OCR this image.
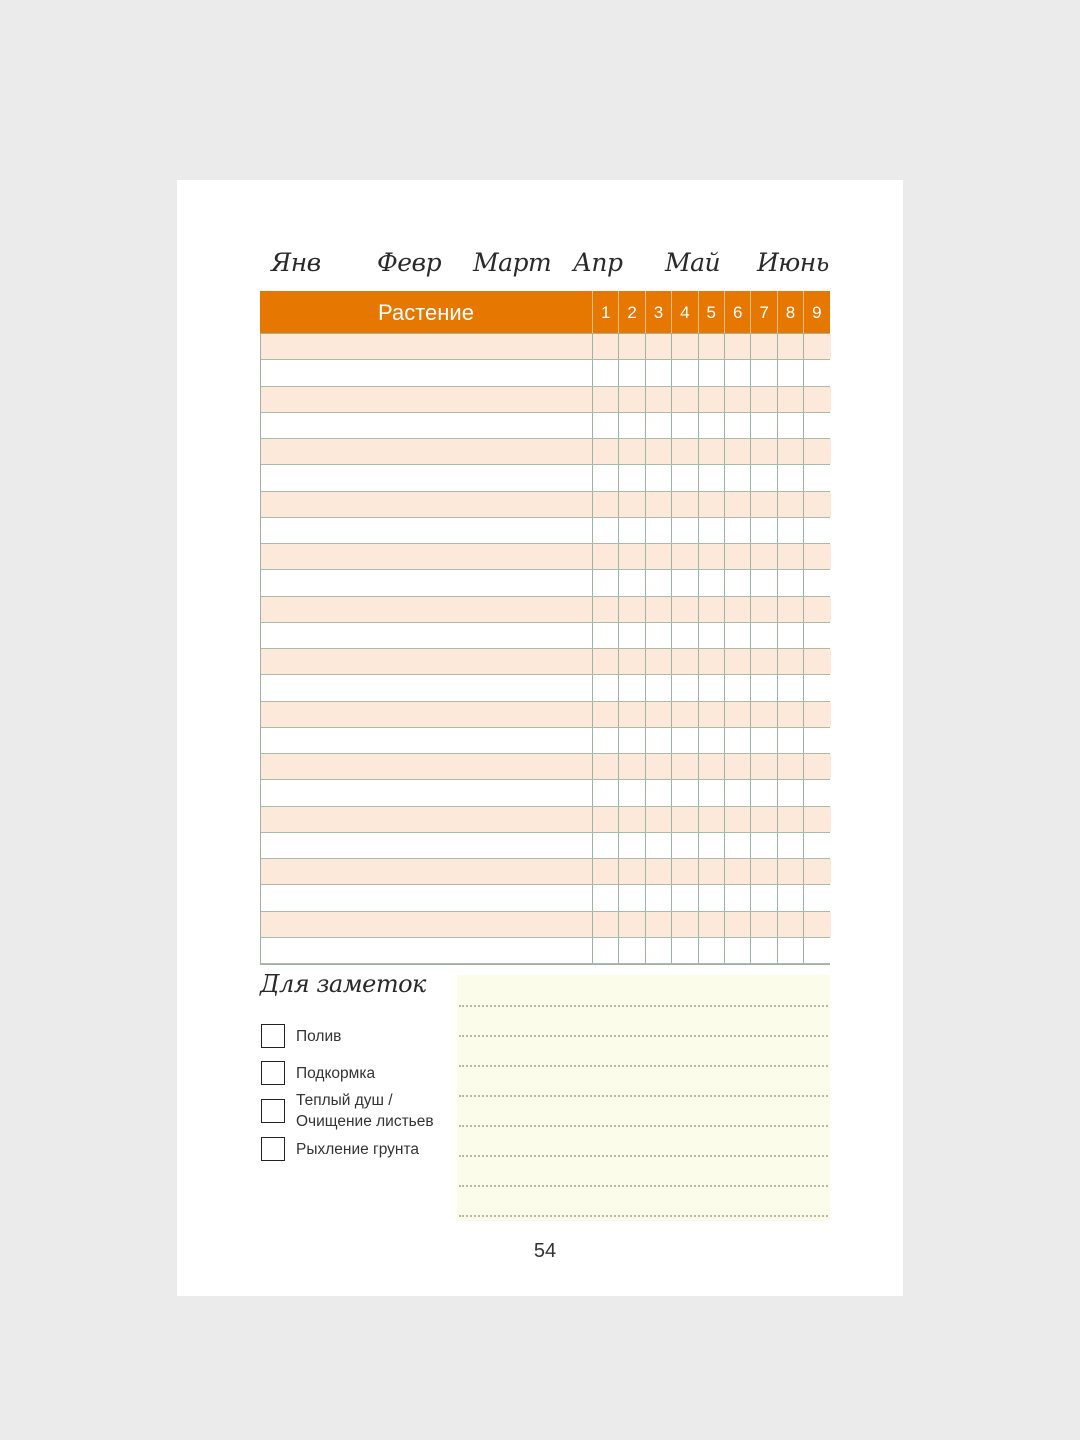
Янв Февр Март Апр Май Июнь
Растение	1 2 3 4 5 6 7 8 9
Для заметок
Полив
Подкормка
Теплый душ / Очищение листьев
Рыхление грунта
54
